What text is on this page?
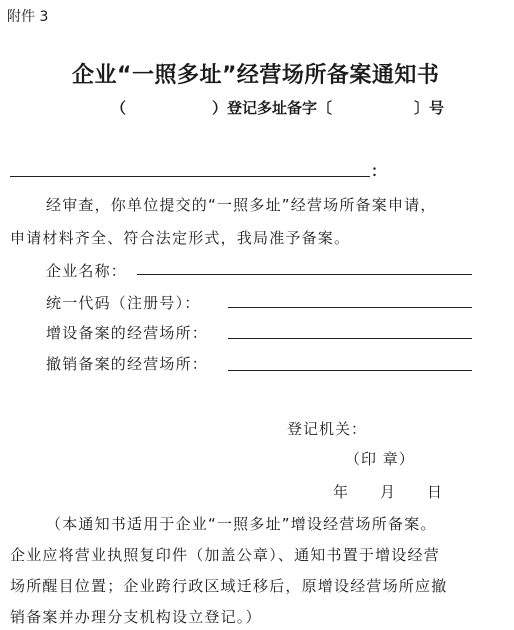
附件 3
企业“一照多址”经营场所备案通知书
（	）登记多址备字〔	〕号
：
经审查，你单位提交的“一照多址”经营场所备案申请，
申请材料齐全、符合法定形式，我局准予备案。
企业名称：
统一代码（注册号）：
增设备案的经营场所：
撤销备案的经营场所：
登记机关：
（印 章）
年 月 日
（本通知书适用于企业“一照多址”增设经营场所备案。
企业应将营业执照复印件（加盖公章）、通知书置于增设经营
场所醒目位置；企业跨行政区域迁移后，原增设经营场所应撤
销备案并办理分支机构设立登记。）
